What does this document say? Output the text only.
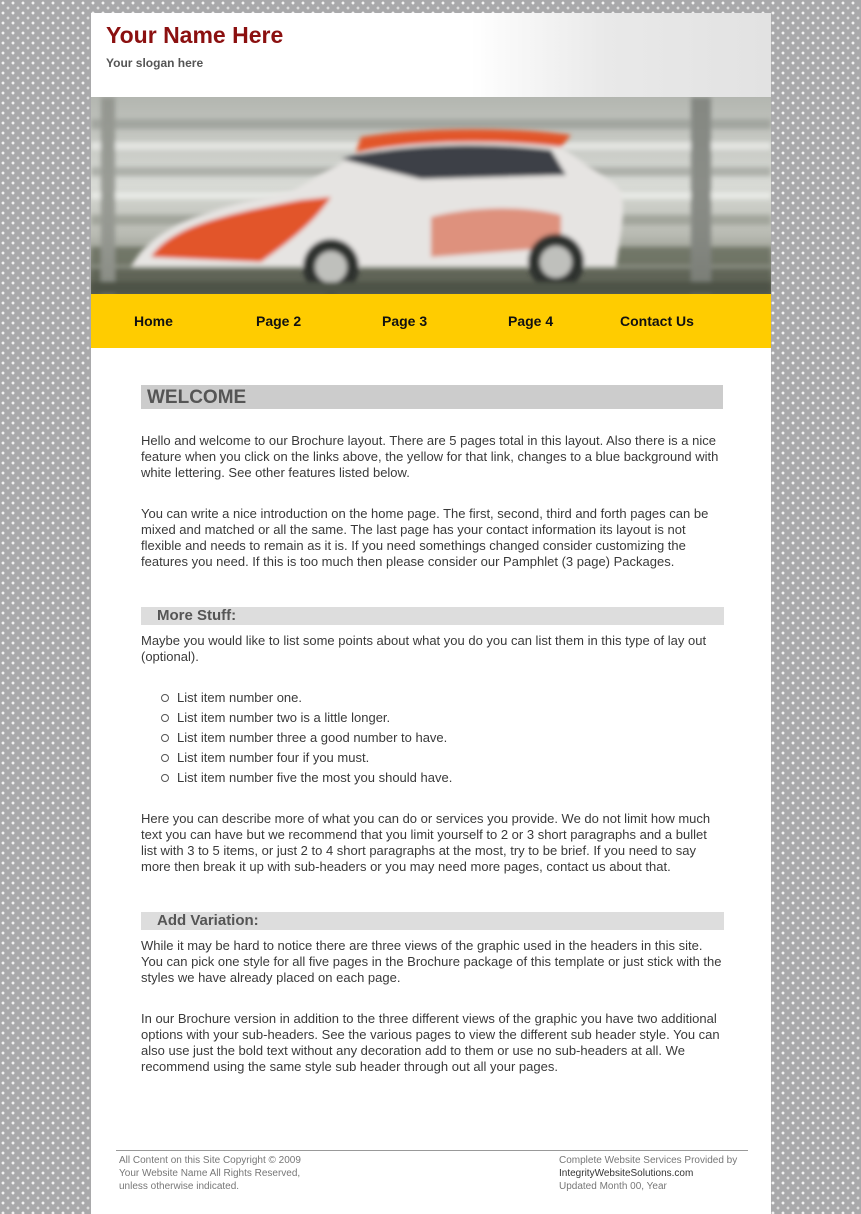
Your Name Here
Your slogan here
Home	Page 2	Page 3	Page 4	Contact Us
WELCOME

Hello and welcome to our Brochure layout. There are 5 pages total in this layout. Also there is a nice feature when you click on the links above, the yellow for that link, changes to a blue background with white lettering. See other features listed below.

You can write a nice introduction on the home page. The first, second, third and forth pages can be mixed and matched or all the same. The last page has your contact information its layout is not flexible and needs to remain as it is. If you need somethings changed consider customizing the features you need. If this is too much then please consider our Pamphlet (3 page) Packages.

More Stuff:

Maybe you would like to list some points about what you do you can list them in this type of lay out (optional).

List item number one.
List item number two is a little longer.
List item number three a good number to have.
List item number four if you must.
List item number five the most you should have.

Here you can describe more of what you can do or services you provide. We do not limit how much text you can have but we recommend that you limit yourself to 2 or 3 short paragraphs and a bullet list with 3 to 5 items, or just 2 to 4 short paragraphs at the most, try to be brief. If you need to say more then break it up with sub-headers or you may need more pages, contact us about that.

Add Variation:

While it may be hard to notice there are three views of the graphic used in the headers in this site. You can pick one style for all five pages in the Brochure package of this template or just stick with the styles we have already placed on each page.

In our Brochure version in addition to the three different views of the graphic you have two additional options with your sub-headers. See the various pages to view the different sub header style. You can also use just the bold text without any decoration add to them or use no sub-headers at all. We recommend using the same style sub header through out all your pages.

All Content on this Site Copyright © 2009
Your Website Name All Rights Reserved,
unless otherwise indicated.
Complete Website Services Provided by
IntegrityWebsiteSolutions.com
Updated Month 00, Year
